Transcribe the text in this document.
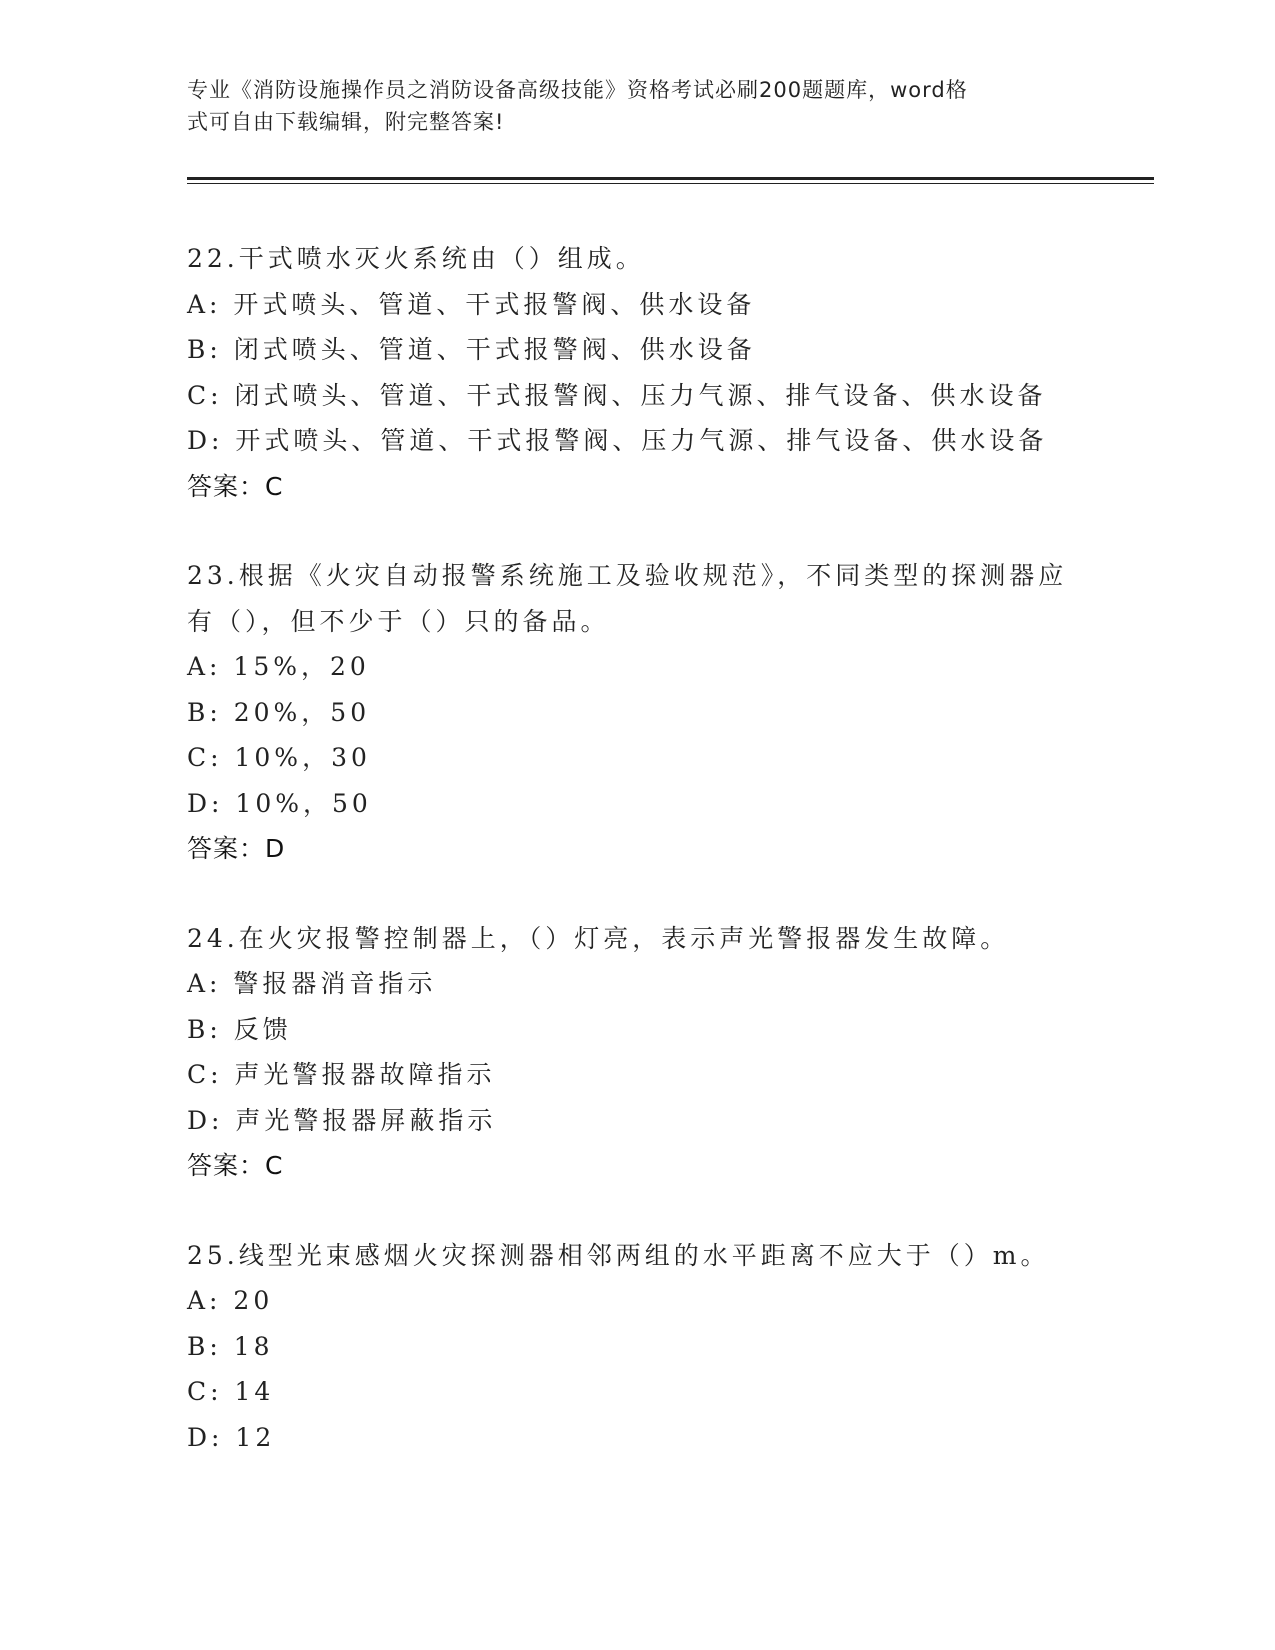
专业《消防设施操作员之消防设备高级技能》资格考试必刷200题题库，word格
式可自由下载编辑，附完整答案!
22.干式喷水灭火系统由（）组成。
A: 开式喷头、管道、干式报警阀、供水设备
B: 闭式喷头、管道、干式报警阀、供水设备
C: 闭式喷头、管道、干式报警阀、压力气源、排气设备、供水设备
D: 开式喷头、管道、干式报警阀、压力气源、排气设备、供水设备
答案：C
23.根据《火灾自动报警系统施工及验收规范》，不同类型的探测器应
有（），但不少于（）只的备品。
A: 15%，20
B: 20%，50
C: 10%，30
D: 10%，50
答案：D
24.在火灾报警控制器上，（）灯亮，表示声光警报器发生故障。
A: 警报器消音指示
B: 反馈
C: 声光警报器故障指示
D: 声光警报器屏蔽指示
答案：C
25.线型光束感烟火灾探测器相邻两组的水平距离不应大于（）m。
A: 20
B: 18
C: 14
D: 12
